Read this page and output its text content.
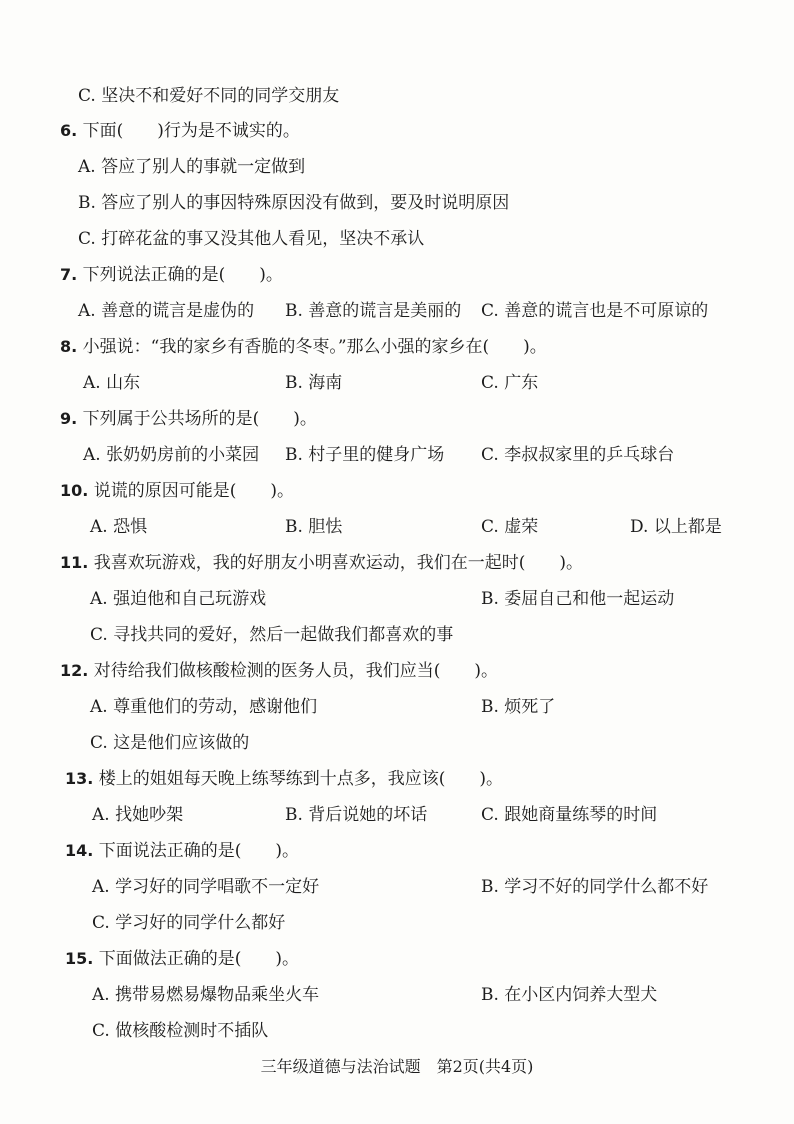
C. 坚决不和爱好不同的同学交朋友
6. 下面(　　)行为是不诚实的。
A. 答应了别人的事就一定做到
B. 答应了别人的事因特殊原因没有做到，要及时说明原因
C. 打碎花盆的事又没其他人看见，坚决不承认
7. 下列说法正确的是(　　)。
A. 善意的谎言是虚伪的 B. 善意的谎言是美丽的 C. 善意的谎言也是不可原谅的
8. 小强说：“我的家乡有香脆的冬枣。”那么小强的家乡在(　　)。
A. 山东	B. 海南	C. 广东
9. 下列属于公共场所的是(　　)。
A. 张奶奶房前的小菜园 B. 村子里的健身广场 C. 李叔叔家里的乒乓球台
10. 说谎的原因可能是(　　)。
A. 恐惧	B. 胆怯	C. 虚荣	D. 以上都是
11. 我喜欢玩游戏，我的好朋友小明喜欢运动，我们在一起时(　　)。
A. 强迫他和自己玩游戏	B. 委屈自己和他一起运动
C. 寻找共同的爱好，然后一起做我们都喜欢的事
12. 对待给我们做核酸检测的医务人员，我们应当(　　)。
A. 尊重他们的劳动，感谢他们	B. 烦死了
C. 这是他们应该做的
13. 楼上的姐姐每天晚上练琴练到十点多，我应该(　　)。
A. 找她吵架	B. 背后说她的坏话	C. 跟她商量练琴的时间
14. 下面说法正确的是(　　)。
A. 学习好的同学唱歌不一定好	B. 学习不好的同学什么都不好
C. 学习好的同学什么都好
15. 下面做法正确的是(　　)。
A. 携带易燃易爆物品乘坐火车	B. 在小区内饲养大型犬
C. 做核酸检测时不插队
三年级道德与法治试题　第2页(共4页)
